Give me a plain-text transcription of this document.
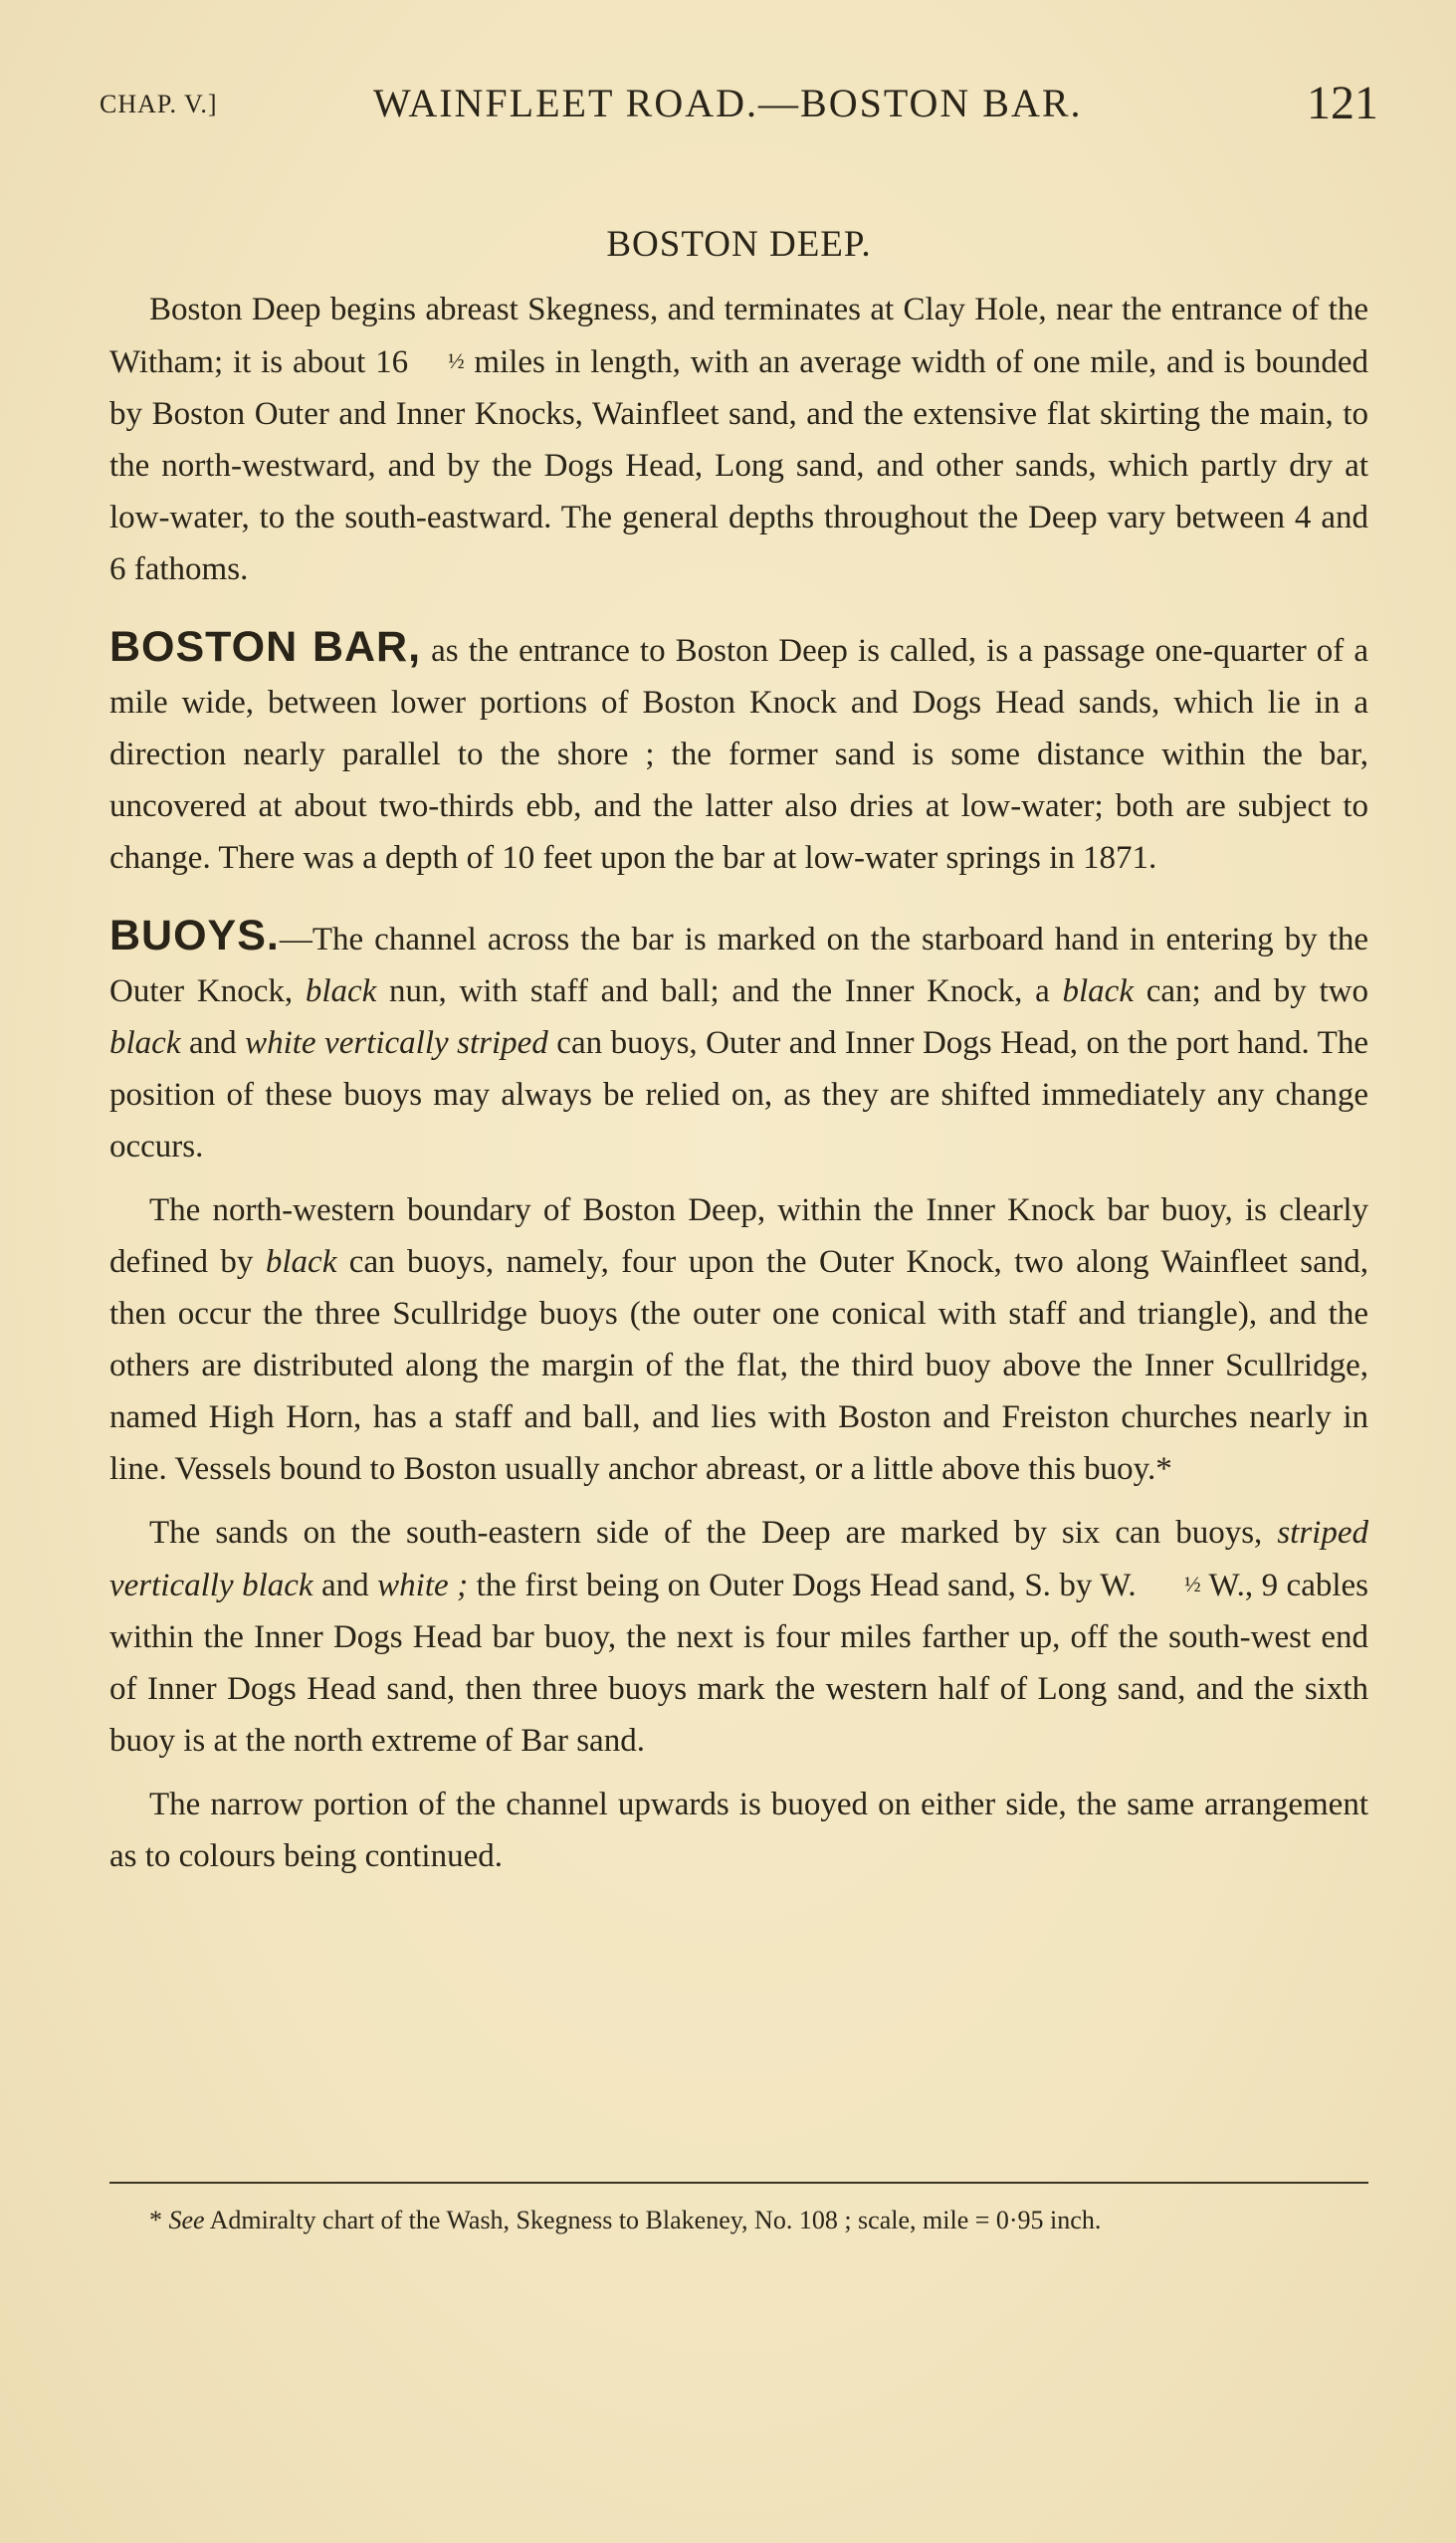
CHAP. V.]	WAINFLEET ROAD.—BOSTON BAR.	121
BOSTON DEEP.

Boston Deep begins abreast Skegness, and terminates at Clay Hole, near the entrance of the Witham; it is about 16 ½ miles in length, with an average width of one mile, and is bounded by Boston Outer and Inner Knocks, Wainfleet sand, and the extensive flat skirting the main, to the north-westward, and by the Dogs Head, Long sand, and other sands, which partly dry at low-water, to the south-eastward. The general depths throughout the Deep vary between 4 and 6 fathoms.

BOSTON BAR, as the entrance to Boston Deep is called, is a passage one-quarter of a mile wide, between lower portions of Boston Knock and Dogs Head sands, which lie in a direction nearly parallel to the shore ; the former sand is some distance within the bar, uncovered at about two-thirds ebb, and the latter also dries at low-water; both are subject to change. There was a depth of 10 feet upon the bar at low-water springs in 1871.

BUOYS.—The channel across the bar is marked on the starboard hand in entering by the Outer Knock, black nun, with staff and ball; and the Inner Knock, a black can; and by two black and white vertically striped can buoys, Outer and Inner Dogs Head, on the port hand. The position of these buoys may always be relied on, as they are shifted immediately any change occurs.

The north-western boundary of Boston Deep, within the Inner Knock bar buoy, is clearly defined by black can buoys, namely, four upon the Outer Knock, two along Wainfleet sand, then occur the three Scullridge buoys (the outer one conical with staff and triangle), and the others are distributed along the margin of the flat, the third buoy above the Inner Scullridge, named High Horn, has a staff and ball, and lies with Boston and Freiston churches nearly in line. Vessels bound to Boston usually anchor abreast, or a little above this buoy.*

The sands on the south-eastern side of the Deep are marked by six can buoys, striped vertically black and white ; the first being on Outer Dogs Head sand, S. by W. ½ W., 9 cables within the Inner Dogs Head bar buoy, the next is four miles farther up, off the south-west end of Inner Dogs Head sand, then three buoys mark the western half of Long sand, and the sixth buoy is at the north extreme of Bar sand.

The narrow portion of the channel upwards is buoyed on either side, the same arrangement as to colours being continued.

* See Admiralty chart of the Wash, Skegness to Blakeney, No. 108 ; scale, mile = 0·95 inch.
